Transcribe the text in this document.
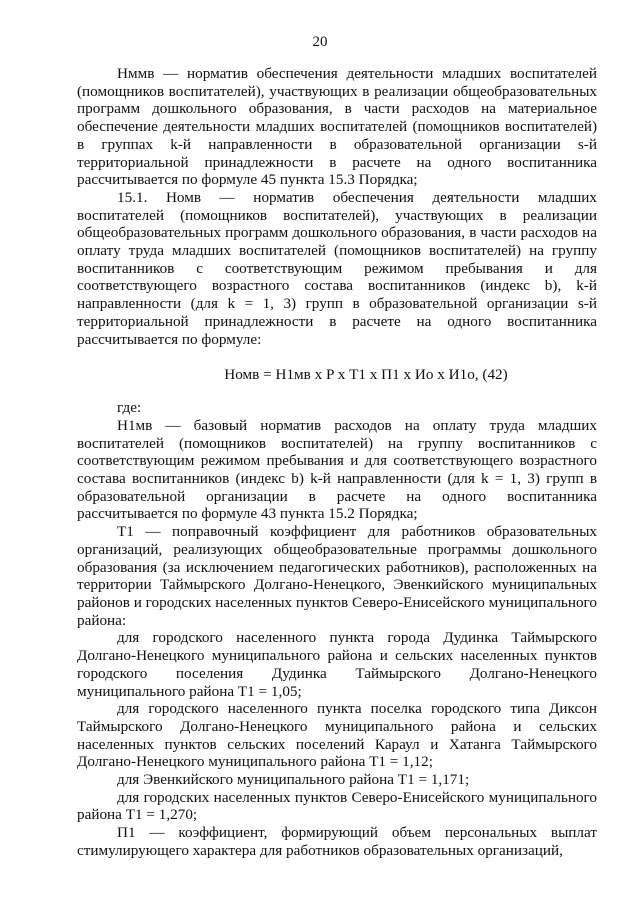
20

Нммв — норматив обеспечения деятельности младших воспитателей (помощников воспитателей), участвующих в реализации общеобразовательных программ дошкольного образования, в части расходов на материальное обеспечение деятельности младших воспитателей (помощников воспитателей) в группах k-й направленности в образовательной организации s-й территориальной принадлежности в расчете на одного воспитанника рассчитывается по формуле 45 пункта 15.3 Порядка;

15.1. Номв — норматив обеспечения деятельности младших воспитателей (помощников воспитателей), участвующих в реализации общеобразовательных программ дошкольного образования, в части расходов на оплату труда младших воспитателей (помощников воспитателей) на группу воспитанников с соответствующим режимом пребывания и для соответствующего возрастного состава воспитанников (индекс b), k-й направленности (для k = 1, 3) групп в образовательной организации s-й территориальной принадлежности в расчете на одного воспитанника рассчитывается по формуле:

Номв = Н1мв х P х Т1 х П1 х Ио х И1о, (42)

где:

Н1мв — базовый норматив расходов на оплату труда младших воспитателей (помощников воспитателей) на группу воспитанников с соответствующим режимом пребывания и для соответствующего возрастного состава воспитанников (индекс b) k-й направленности (для k = 1, 3) групп в образовательной организации в расчете на одного воспитанника рассчитывается по формуле 43 пункта 15.2 Порядка;

Т1 — поправочный коэффициент для работников образовательных организаций, реализующих общеобразовательные программы дошкольного образования (за исключением педагогических работников), расположенных на территории Таймырского Долгано-Ненецкого, Эвенкийского муниципальных районов и городских населенных пунктов Северо-Енисейского муниципального района:

для городского населенного пункта города Дудинка Таймырского Долгано-Ненецкого муниципального района и сельских населенных пунктов городского поселения Дудинка Таймырского Долгано-Ненецкого муниципального района Т1 = 1,05;

для городского населенного пункта поселка городского типа Диксон Таймырского Долгано-Ненецкого муниципального района и сельских населенных пунктов сельских поселений Караул и Хатанга Таймырского Долгано-Ненецкого муниципального района Т1 = 1,12;

для Эвенкийского муниципального района Т1 = 1,171;

для городских населенных пунктов Северо-Енисейского муниципального района Т1 = 1,270;

П1 — коэффициент, формирующий объем персональных выплат стимулирующего характера для работников образовательных организаций,
